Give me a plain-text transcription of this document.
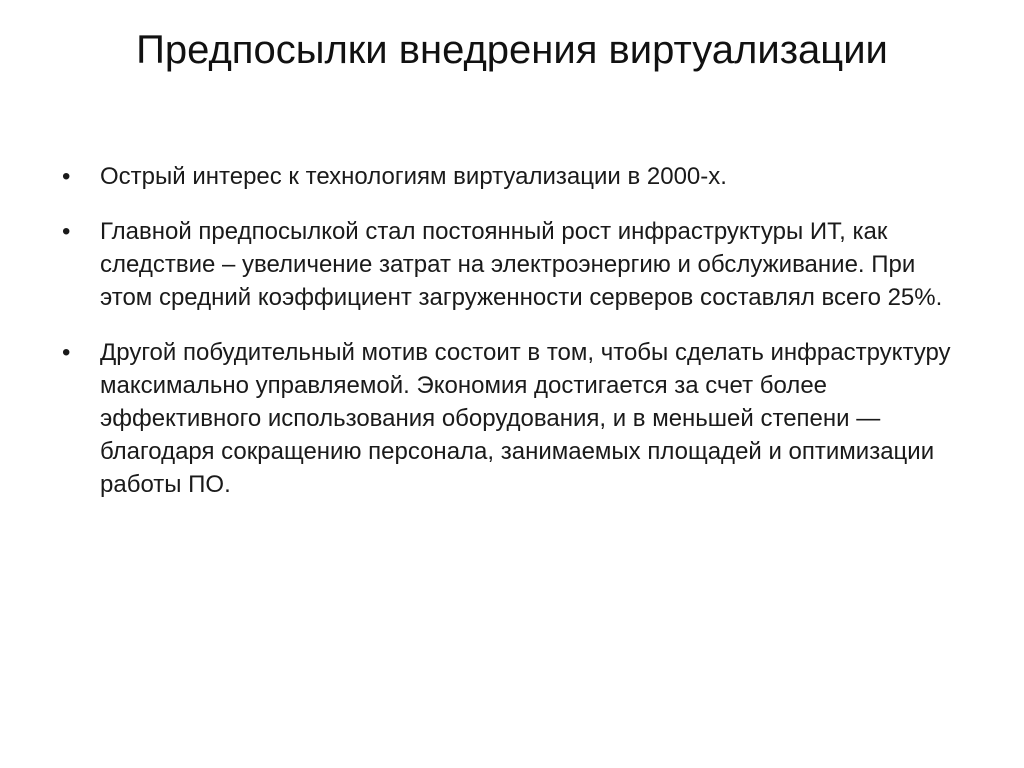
Предпосылки внедрения виртуализации
•	Острый интерес к технологиям виртуализации в 2000-х.
•	Главной предпосылкой стал постоянный рост инфраструктуры ИТ, как следствие – увеличение затрат на электроэнергию и обслуживание. При этом средний коэффициент загруженности серверов составлял всего 25%.
•	Другой побудительный мотив состоит в том, чтобы сделать инфраструктуру максимально управляемой. Экономия достигается за счет более эффективного использования оборудования, и в меньшей степени — благодаря сокращению персонала, занимаемых площадей и оптимизации работы ПО.
